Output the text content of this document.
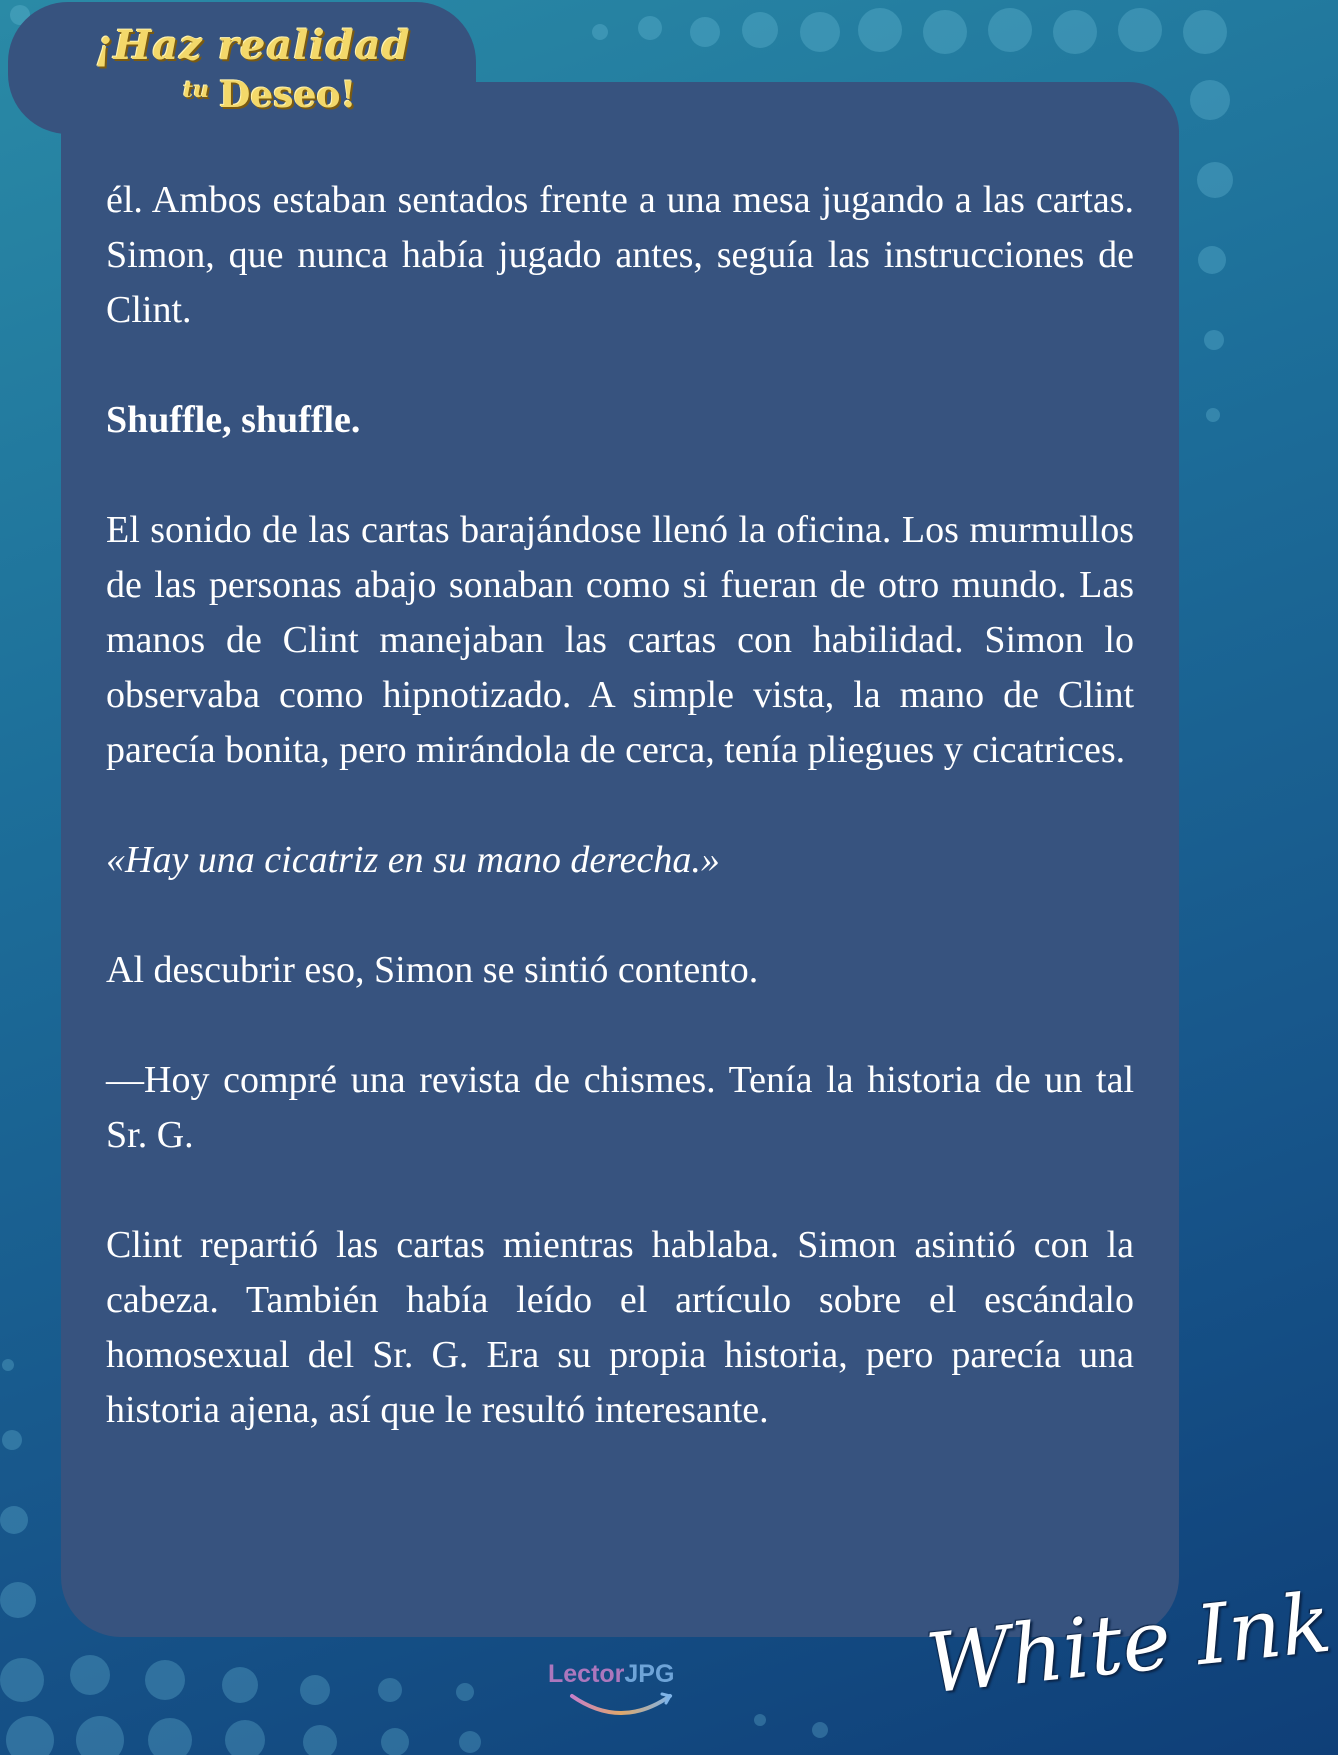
¡Haz realidad
$^{tu}$ Deseo!

él. Ambos estaban sentados frente a una mesa jugando a las cartas. Simon, que nunca había jugado antes, seguía las instrucciones de Clint.

Shuffle, shuffle.

El sonido de las cartas barajándose llenó la oficina. Los murmullos de las personas abajo sonaban como si fueran de otro mundo. Las manos de Clint manejaban las cartas con habilidad. Simon lo observaba como hipnotizado. A simple vista, la mano de Clint parecía bonita, pero mirándola de cerca, tenía pliegues y cicatrices.

«Hay una cicatriz en su mano derecha.»

Al descubrir eso, Simon se sintió contento.

—Hoy compré una revista de chismes. Tenía la historia de un tal Sr. G.

Clint repartió las cartas mientras hablaba. Simon asintió con la cabeza. También había leído el artículo sobre el escándalo homosexual del Sr. G. Era su propia historia, pero parecía una historia ajena, así que le resultó interesante.

LectorJPG	White Ink
